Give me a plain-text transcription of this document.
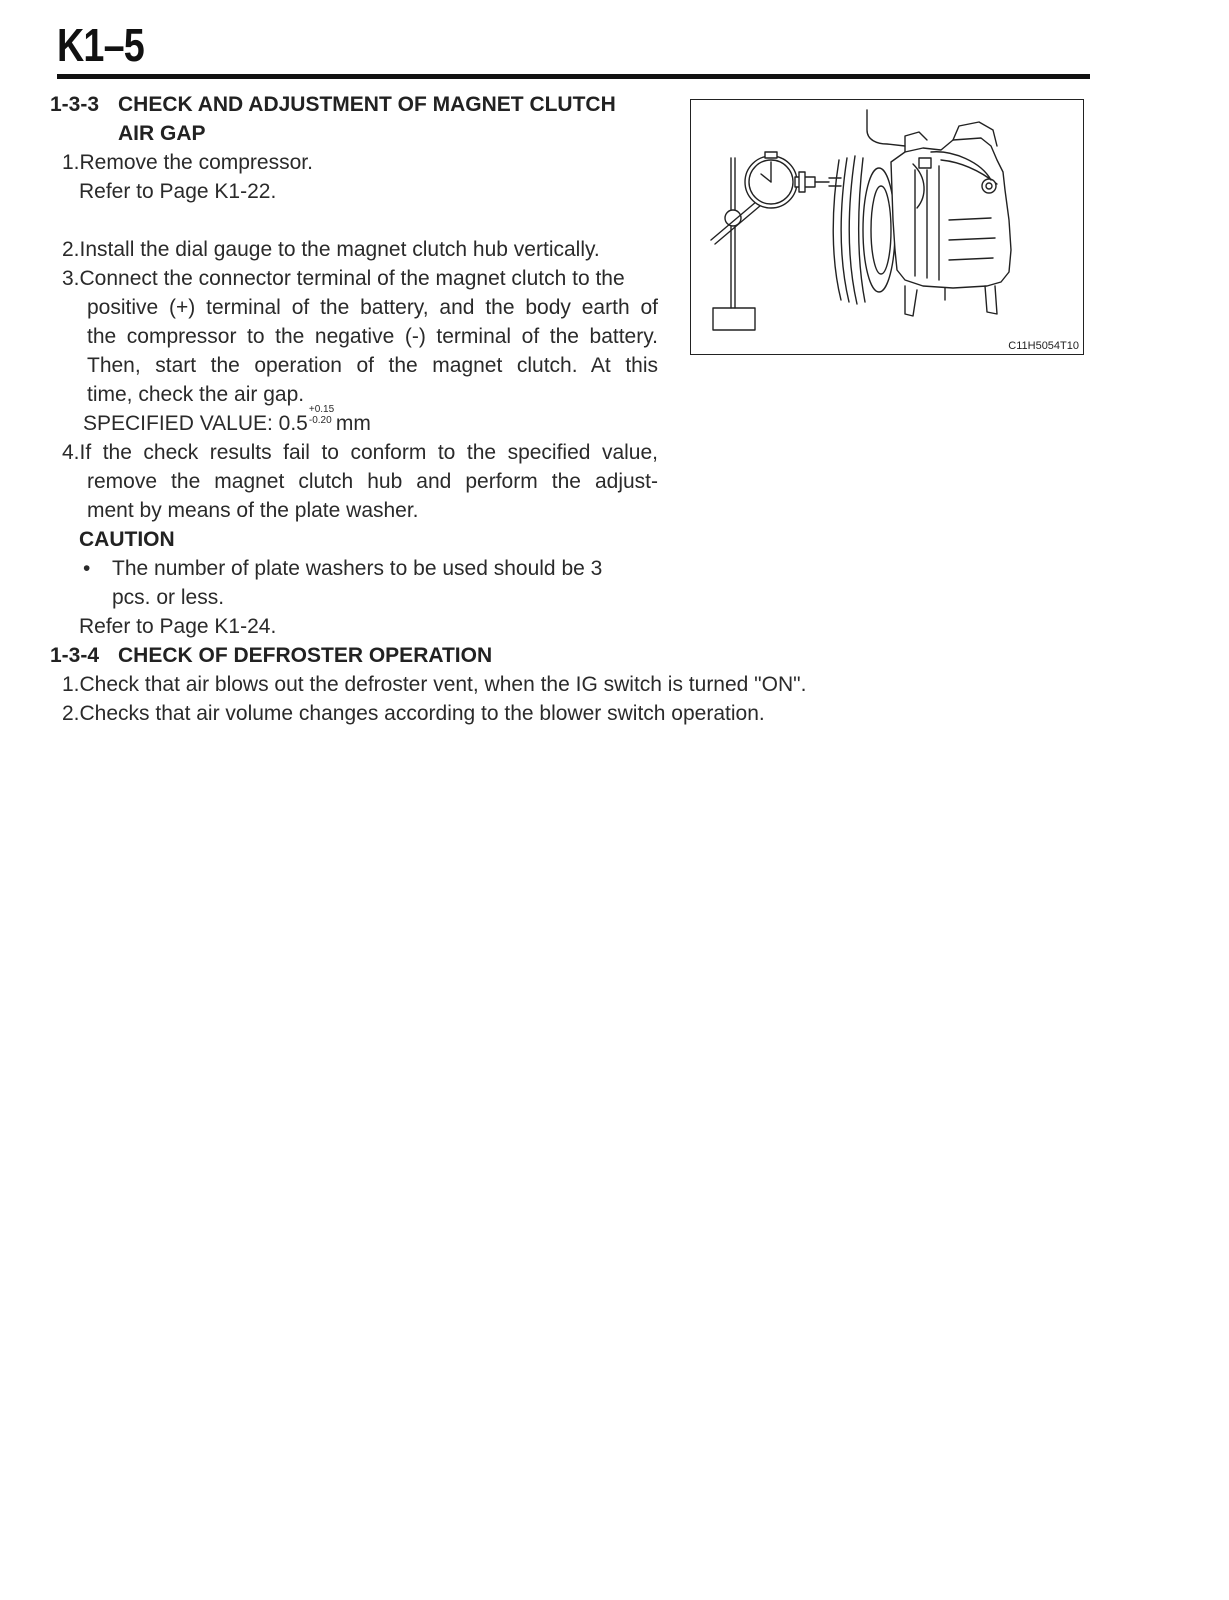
K1–5
1-3-3 CHECK AND ADJUSTMENT OF MAGNET CLUTCH
AIR GAP
1.Remove the compressor.
Refer to Page K1-22.
2.Install the dial gauge to the magnet clutch hub vertically.
3.Connect the connector terminal of the magnet clutch to the
positive (+) terminal of the battery, and the body earth of
the compressor to the negative (-) terminal of the battery.
Then, start the operation of the magnet clutch. At this
time, check the air gap.
SPECIFIED VALUE: 0.5
+0.15
-0.20 mm
4.If the check results fail to conform to the specified value,
remove the magnet clutch hub and perform the adjust-
ment by means of the plate washer.
CAUTION
• The number of plate washers to be used should be 3
pcs. or less.
Refer to Page K1-24.
1-3-4 CHECK OF DEFROSTER OPERATION
1.Check that air blows out the defroster vent, when the IG switch is turned "ON".
2.Checks that air volume changes according to the blower switch operation.
C11H5054T10
